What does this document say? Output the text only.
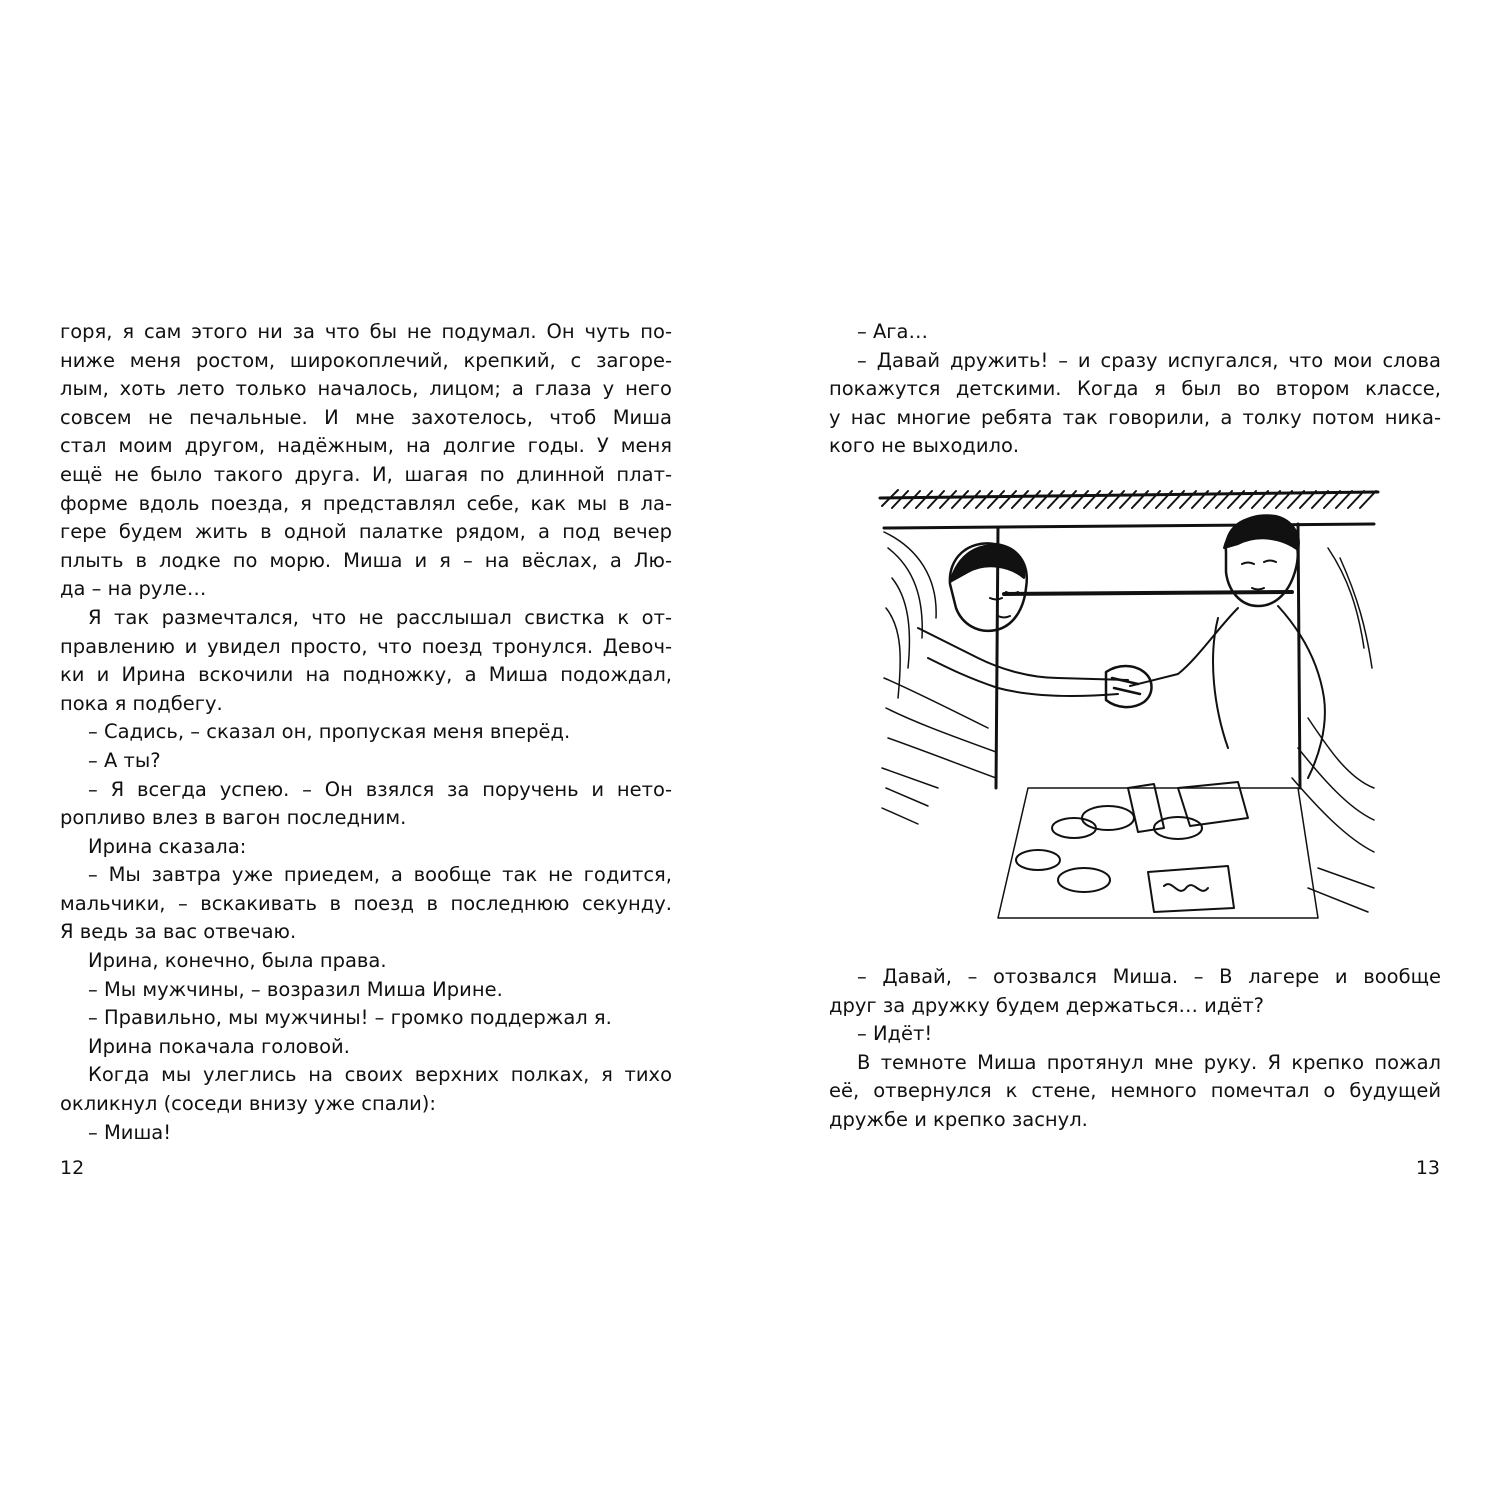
горя, я сам этого ни за что бы не подумал. Он чуть по-
ниже меня ростом, широкоплечий, крепкий, с загоре-
лым, хоть лето только началось, лицом; а глаза у него
совсем не печальные. И мне захотелось, чтоб Миша
стал моим другом, надёжным, на долгие годы. У меня
ещё не было такого друга. И, шагая по длинной плат-
форме вдоль поезда, я представлял себе, как мы в ла-
гере будем жить в одной палатке рядом, а под вечер
плыть в лодке по морю. Миша и я – на вёслах, а Лю-
да – на руле…
Я так размечтался, что не расслышал свистка к от-
правлению и увидел просто, что поезд тронулся. Девоч-
ки и Ирина вскочили на подножку, а Миша подождал,
пока я подбегу.
– Садись, – сказал он, пропуская меня вперёд.
– А ты?
– Я всегда успею. – Он взялся за поручень и нето-
ропливо влез в вагон последним.
Ирина сказала:
– Мы завтра уже приедем, а вообще так не годится,
мальчики, – вскакивать в поезд в последнюю секунду.
Я ведь за вас отвечаю.
Ирина, конечно, была права.
– Мы мужчины, – возразил Миша Ирине.
– Правильно, мы мужчины! – громко поддержал я.
Ирина покачала головой.
Когда мы улеглись на своих верхних полках, я тихо
окликнул (соседи внизу уже спали):
– Миша!
12
– Ага…
– Давай дружить! – и сразу испугался, что мои слова
покажутся детскими. Когда я был во втором классе,
у нас многие ребята так говорили, а толку потом ника-
кого не выходило.
– Давай, – отозвался Миша. – В лагере и вообще
друг за дружку будем держаться… идёт?
– Идёт!
В темноте Миша протянул мне руку. Я крепко пожал
её, отвернулся к стене, немного помечтал о будущей
дружбе и крепко заснул.
13
